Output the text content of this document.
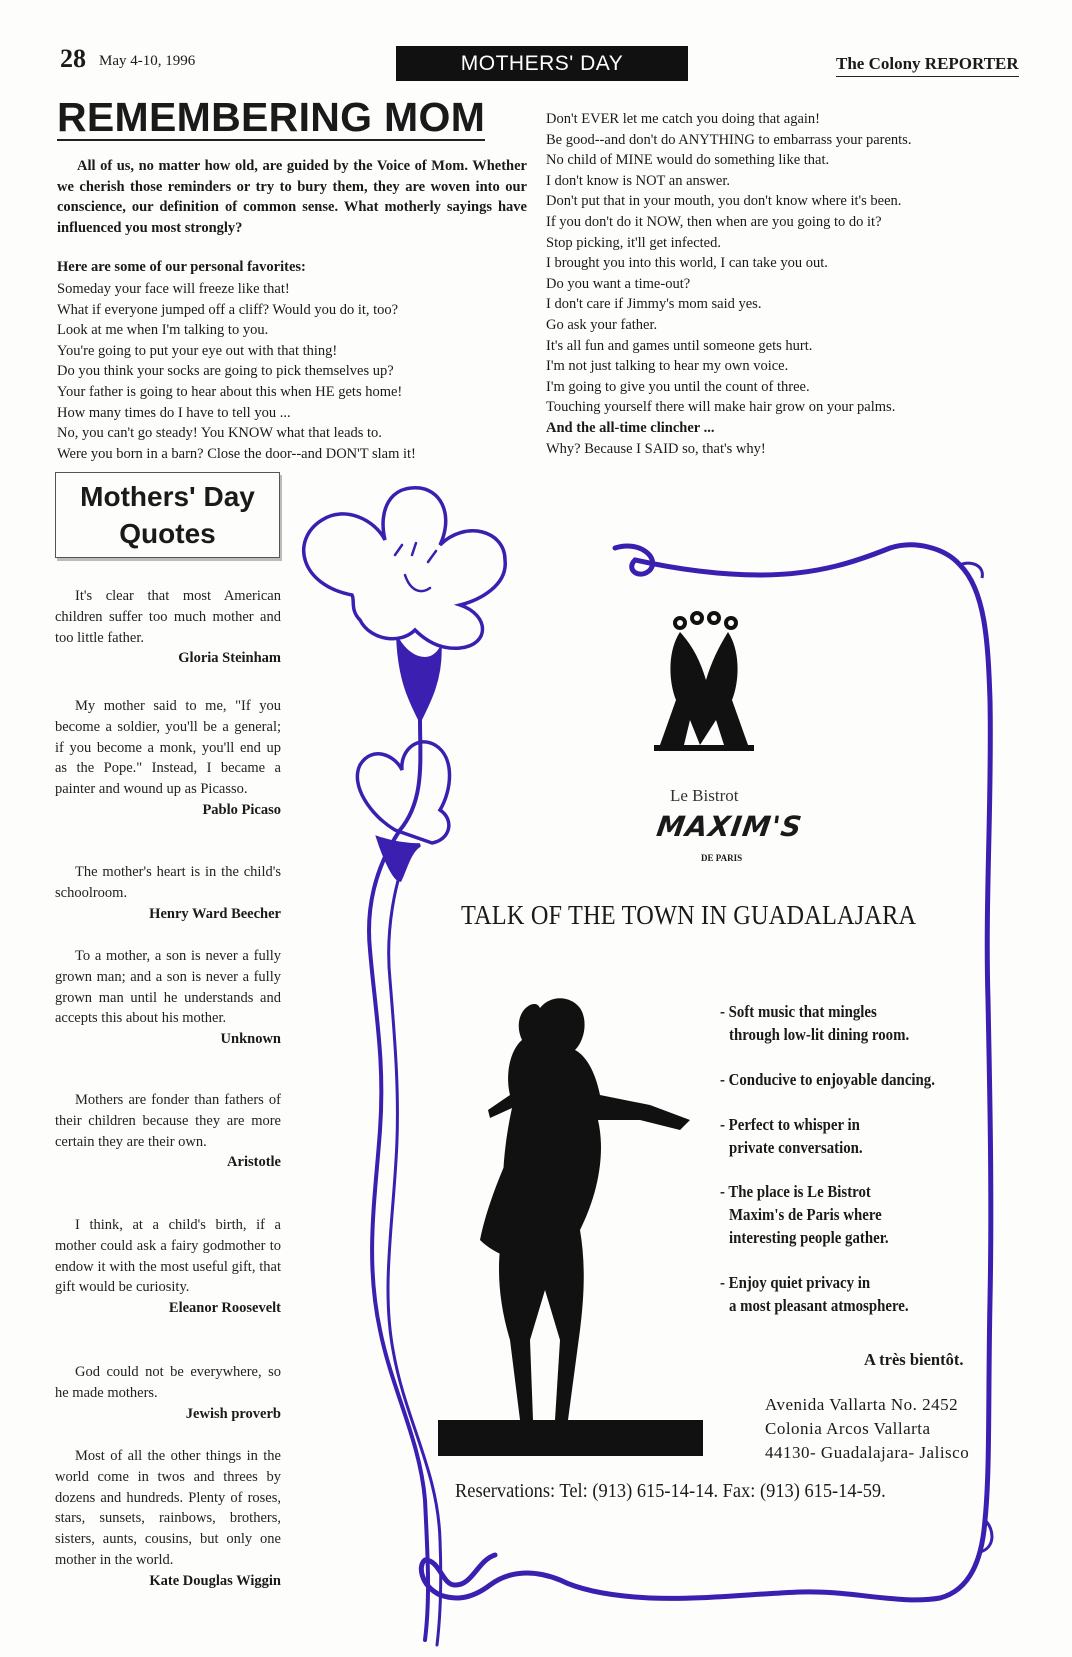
28 May 4-10, 1996	MOTHERS' DAY	The Colony REPORTER
REMEMBERING MOM
All of us, no matter how old, are guided by the Voice of Mom. Whether we cherish those reminders or try to bury them, they are woven into our conscience, our definition of common sense. What motherly sayings have influenced you most strongly?
Here are some of our personal favorites:
Someday your face will freeze like that!
What if everyone jumped off a cliff? Would you do it, too?
Look at me when I'm talking to you.
You're going to put your eye out with that thing!
Do you think your socks are going to pick themselves up?
Your father is going to hear about this when HE gets home!
How many times do I have to tell you ...
No, you can't go steady! You KNOW what that leads to.
Were you born in a barn? Close the door--and DON'T slam it!
Don't EVER let me catch you doing that again!
Be good--and don't do ANYTHING to embarrass your parents.
No child of MINE would do something like that.
I don't know is NOT an answer.
Don't put that in your mouth, you don't know where it's been.
If you don't do it NOW, then when are you going to do it?
Stop picking, it'll get infected.
I brought you into this world, I can take you out.
Do you want a time-out?
I don't care if Jimmy's mom said yes.
Go ask your father.
It's all fun and games until someone gets hurt.
I'm not just talking to hear my own voice.
I'm going to give you until the count of three.
Touching yourself there will make hair grow on your palms.
And the all-time clincher ...
Why? Because I SAID so, that's why!
Mothers' Day
Quotes
It's clear that most American children suffer too much mother and too little father.
Gloria Steinham
My mother said to me, "If you become a soldier, you'll be a general; if you become a monk, you'll end up as the Pope." Instead, I became a painter and wound up as Picasso.
Pablo Picaso
The mother's heart is in the child's schoolroom.
Henry Ward Beecher
To a mother, a son is never a fully grown man; and a son is never a fully grown man until he understands and accepts this about his mother.
Unknown
Mothers are fonder than fathers of their children because they are more certain they are their own.
Aristotle
I think, at a child's birth, if a mother could ask a fairy godmother to endow it with the most useful gift, that gift would be curiosity.
Eleanor Roosevelt
God could not be everywhere, so he made mothers.
Jewish proverb
Most of all the other things in the world come in twos and threes by dozens and hundreds. Plenty of roses, stars, sunsets, rainbows, brothers, sisters, aunts, cousins, but only one mother in the world.
Kate Douglas Wiggin
Le Bistrot
MAXIM'S
DE PARIS
TALK OF THE TOWN IN GUADALAJARA
- Soft music that mingles
through low-lit dining room.
- Conducive to enjoyable dancing.
- Perfect to whisper in
private conversation.
- The place is Le Bistrot
Maxim's de Paris where
interesting people gather.
- Enjoy quiet privacy in
a most pleasant atmosphere.
A très bientôt.
Avenida Vallarta No. 2452
Colonia Arcos Vallarta
44130- Guadalajara- Jalisco
Reservations: Tel: (913) 615-14-14. Fax: (913) 615-14-59.
